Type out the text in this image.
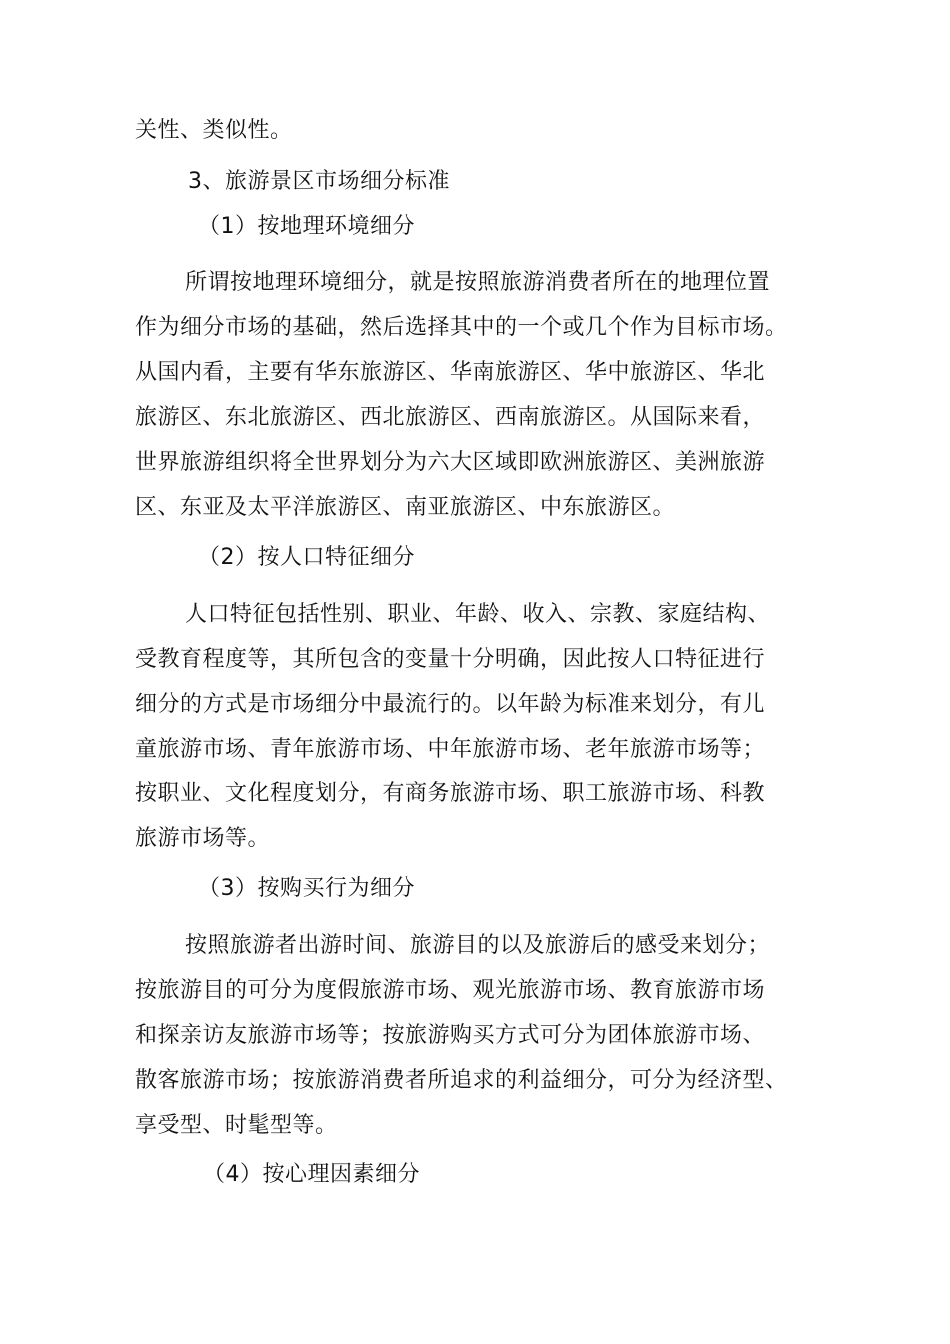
关性、类似性。
3、旅游景区市场细分标准
（1）按地理环境细分
所谓按地理环境细分，就是按照旅游消费者所在的地理位置
作为细分市场的基础，然后选择其中的一个或几个作为目标市场。
从国内看，主要有华东旅游区、华南旅游区、华中旅游区、华北
旅游区、东北旅游区、西北旅游区、西南旅游区。从国际来看，
世界旅游组织将全世界划分为六大区域即欧洲旅游区、美洲旅游
区、东亚及太平洋旅游区、南亚旅游区、中东旅游区。
（2）按人口特征细分
人口特征包括性别、职业、年龄、收入、宗教、家庭结构、
受教育程度等，其所包含的变量十分明确，因此按人口特征进行
细分的方式是市场细分中最流行的。以年龄为标准来划分，有儿
童旅游市场、青年旅游市场、中年旅游市场、老年旅游市场等；
按职业、文化程度划分，有商务旅游市场、职工旅游市场、科教
旅游市场等。
（3）按购买行为细分
按照旅游者出游时间、旅游目的以及旅游后的感受来划分；
按旅游目的可分为度假旅游市场、观光旅游市场、教育旅游市场
和探亲访友旅游市场等；按旅游购买方式可分为团体旅游市场、
散客旅游市场；按旅游消费者所追求的利益细分，可分为经济型、
享受型、时髦型等。
（4）按心理因素细分
